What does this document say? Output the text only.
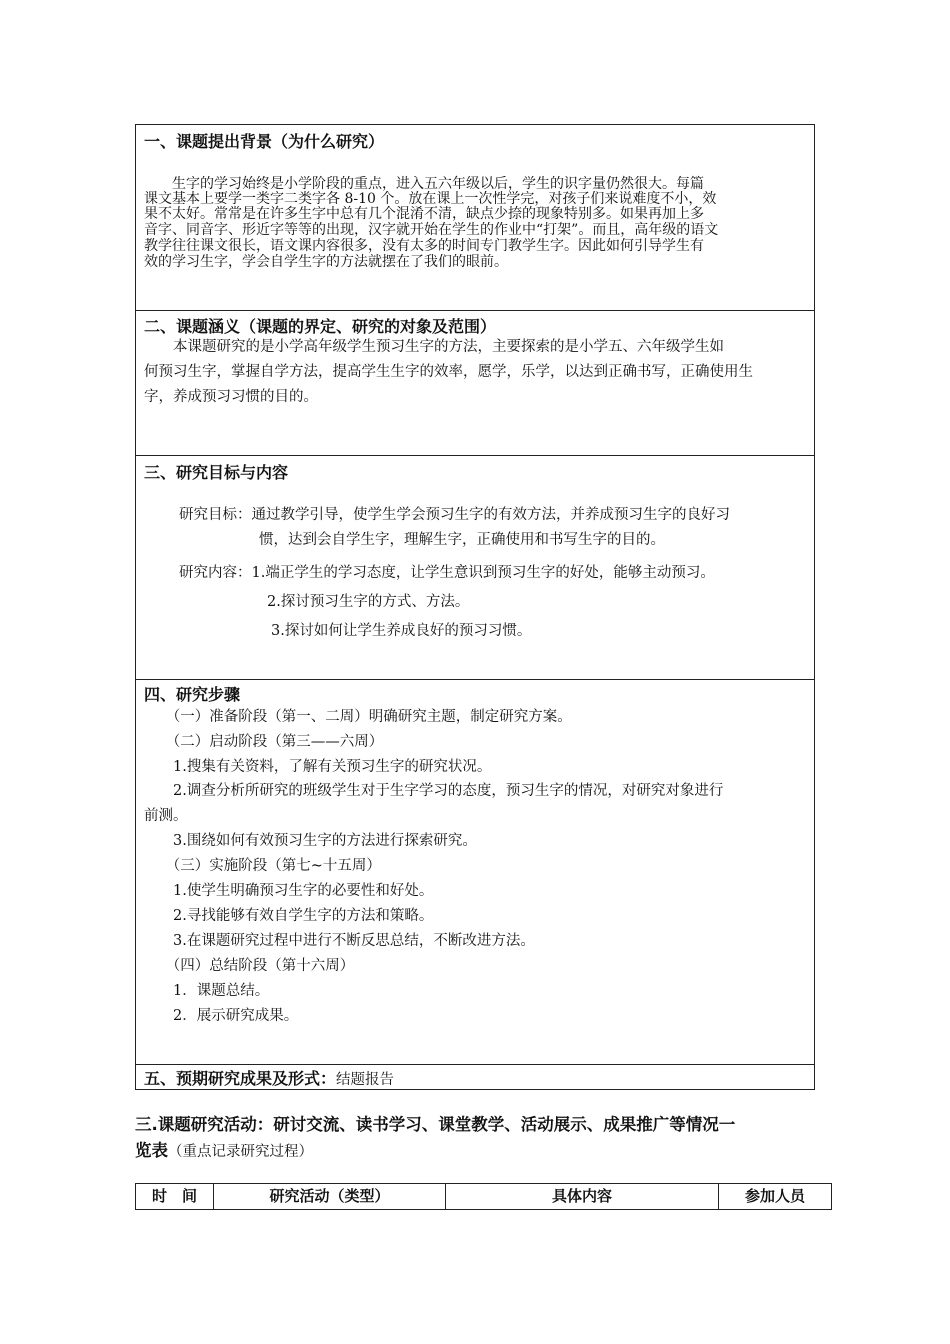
一、课题提出背景（为什么研究）
　　生字的学习始终是小学阶段的重点，进入五六年级以后，学生的识字量仍然很大。每篇
课文基本上要学一类字二类字各 8-10 个。放在课上一次性学完，对孩子们来说难度不小，效
果不太好。常常是在许多生字中总有几个混淆不清，缺点少捺的现象特别多。如果再加上多
音字、同音字、形近字等等的出现，汉字就开始在学生的作业中“打架”。而且，高年级的语文
教学往往课文很长，语文课内容很多，没有太多的时间专门教学生字。因此如何引导学生有
效的学习生字，学会自学生字的方法就摆在了我们的眼前。
二、课题涵义（课题的界定、研究的对象及范围）
　　本课题研究的是小学高年级学生预习生字的方法，主要探索的是小学五、六年级学生如
何预习生字，掌握自学方法，提高学生生字的效率，愿学，乐学，以达到正确书写，正确使用生
字，养成预习习惯的目的。
三、研究目标与内容
研究目标：通过教学引导，使学生学会预习生字的有效方法，并养成预习生字的良好习
惯，达到会自学生字，理解生字，正确使用和书写生字的目的。
研究内容：1.端正学生的学习态度，让学生意识到预习生字的好处，能够主动预习。
2.探讨预习生字的方式、方法。
3.探讨如何让学生养成良好的预习习惯。
四、研究步骤
　　（一）准备阶段（第一、二周）明确研究主题，制定研究方案。
　　（二）启动阶段（第三——六周）
　　1.搜集有关资料，了解有关预习生字的研究状况。
　　2.调查分析所研究的班级学生对于生字学习的态度，预习生字的情况，对研究对象进行
前测。
　　3.围绕如何有效预习生字的方法进行探索研究。
　　（三）实施阶段（第七~十五周）
　　1.使学生明确预习生字的必要性和好处。
　　2.寻找能够有效自学生字的方法和策略。
　　3.在课题研究过程中进行不断反思总结，不断改进方法。
　　（四）总结阶段（第十六周）
　　1．课题总结。
　　2．展示研究成果。
五、预期研究成果及形式：结题报告
三.课题研究活动：研讨交流、读书学习、课堂教学、活动展示、成果推广等情况一
览表（重点记录研究过程）
时　间	研究活动（类型）	具体内容	参加人员
